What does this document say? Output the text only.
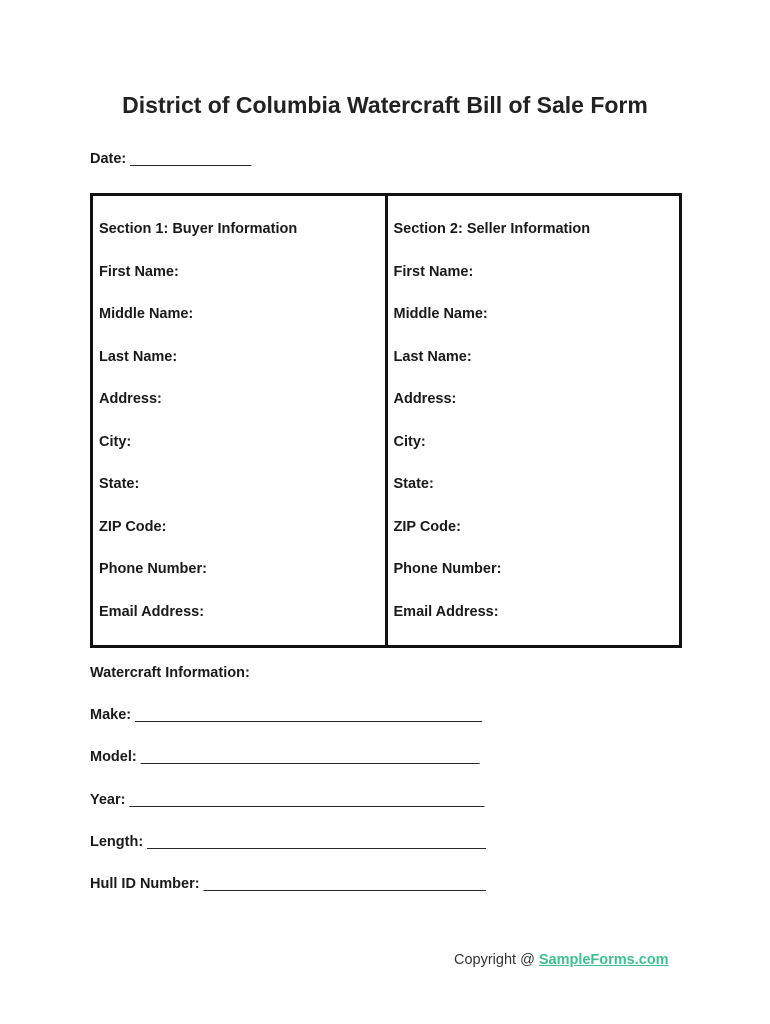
District of Columbia Watercraft Bill of Sale Form
Date: _______________
Section 1: Buyer Information
First Name:
Middle Name:
Last Name:
Address:
City:
State:
ZIP Code:
Phone Number:
Email Address:
Section 2: Seller Information
First Name:
Middle Name:
Last Name:
Address:
City:
State:
ZIP Code:
Phone Number:
Email Address:
Watercraft Information:
Make: ___________________________________________
Model: __________________________________________
Year: ____________________________________________
Length: __________________________________________
Hull ID Number: ___________________________________
Copyright @ SampleForms.com
